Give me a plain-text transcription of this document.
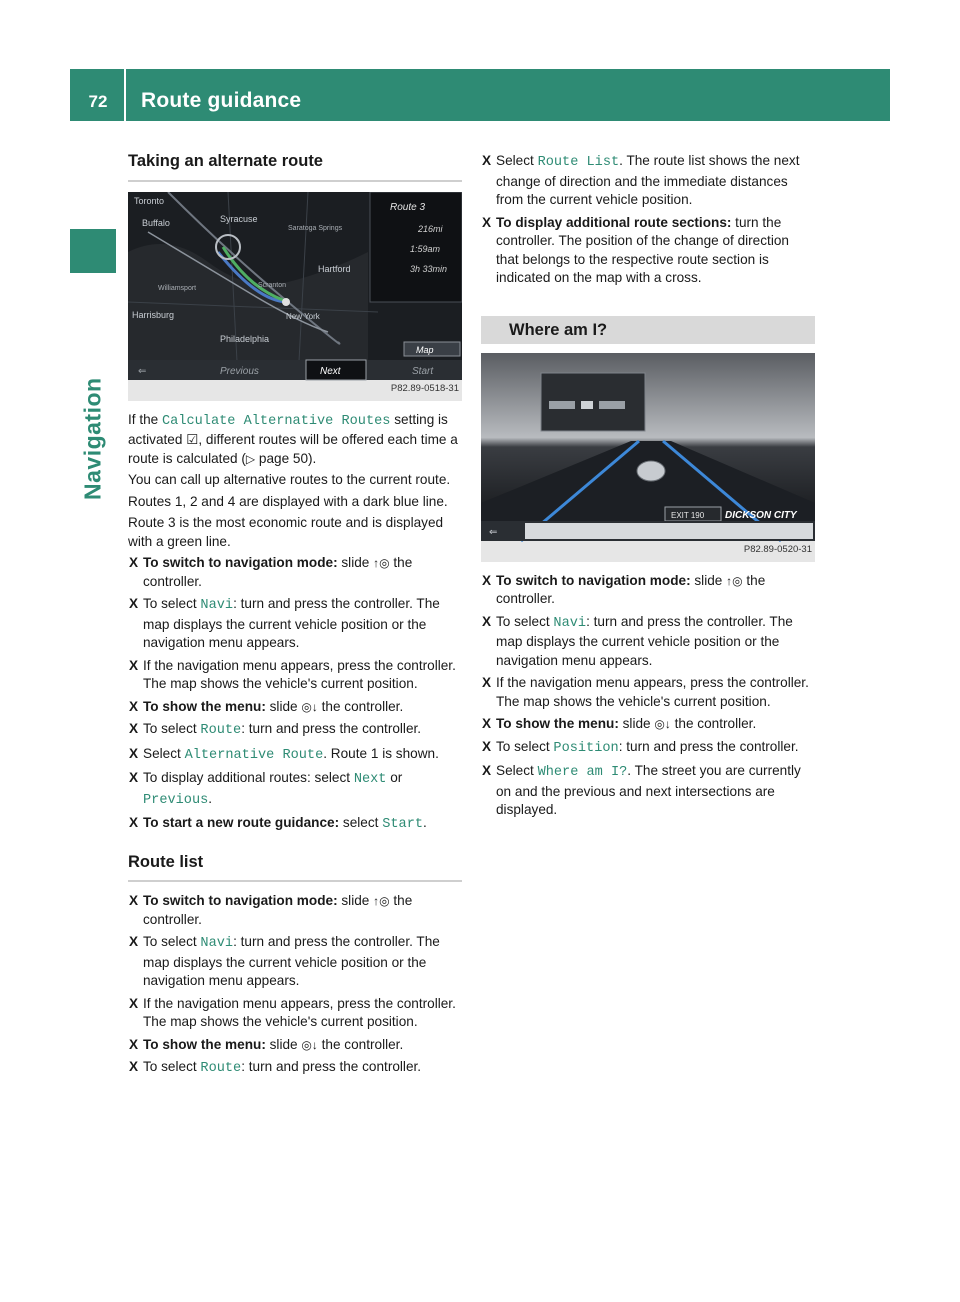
72	Route guidance
Navigation
Taking an alternate route
Toronto
Buffalo	Syracuse
Saratoga Springs
Hartford
Scranton
New York
Harrisburg
Philadelphia
Williamsport
Route 3
216mi
1:59am
3h 33min
Map
⇐	Previous	Next	Start
P82.89-0518-31

If the Calculate Alternative Routes setting is activated ☑, different routes will be offered each time a route is calculated (▷ page 50).

You can call up alternative routes to the current route.

Routes 1, 2 and 4 are displayed with a dark blue line.

Route 3 is the most economic route and is displayed with a green line.

X To switch to navigation mode: slide ↑◎ the controller.
X To select Navi: turn and press the controller. The map displays the current vehicle position or the navigation menu appears.
X If the navigation menu appears, press the controller. The map shows the vehicle's current position.
X To show the menu: slide ◎↓ the controller.
X To select Route: turn and press the controller.
X Select Alternative Route. Route 1 is shown.
X To display additional routes: select Next or Previous.
X To start a new route guidance: select Start.
Route list
X To switch to navigation mode: slide ↑◎ the controller.
X To select Navi: turn and press the controller. The map displays the current vehicle position or the navigation menu appears.
X If the navigation menu appears, press the controller. The map shows the vehicle's current position.
X To show the menu: slide ◎↓ the controller.
X To select Route: turn and press the controller.
X Select Route List. The route list shows the next change of direction and the immediate distances from the current vehicle position.
X To display additional route sections: turn the controller. The position of the change of direction that belongs to the respective route section is indicated on the map with a cross.
Where am I?
EXIT 190 DICKSON CITY
⇐
P82.89-0520-31
X To switch to navigation mode: slide ↑◎ the controller.
X To select Navi: turn and press the controller. The map displays the current vehicle position or the navigation menu appears.
X If the navigation menu appears, press the controller. The map shows the vehicle's current position.
X To show the menu: slide ◎↓ the controller.
X To select Position: turn and press the controller.
X Select Where am I?. The street you are currently on and the previous and next intersections are displayed.
